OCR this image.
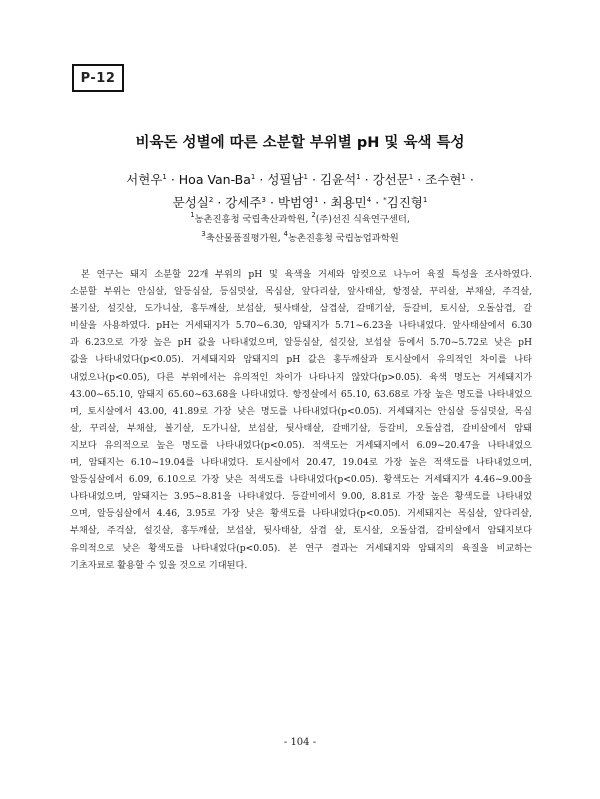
P-12
비육돈 성별에 따른 소분할 부위별 pH 및 육색 특성
서현우$^1$ · Hoa Van-$Ba^1$ · 성필남$^1$ · 김윤석$^1$ · 강선문$^1$ · 조수현$^1$ ·
문성실$^2$ · 강세주$^3$ · 박범영$^1$ · 최용민$^4$ · *김진형$^1$
$^1$농촌진흥청 국립축산과학원, $^2$(주)선진 식육연구센터,
$^3$축산물품질평가원, $^4$농촌진흥청 국립농업과학원
본 연구는 돼지 소분할 22개 부위의 pH 및 육색을 거세와 암컷으로 나누어 육질 특성을 조사하였다.
소분할 부위는 안심살, 알등심살, 등심덧살, 목심살, 앞다리살, 앞사태살, 항정살, 꾸리살, 부채살, 주걱살,
볼기살, 설깃살, 도가니살, 홍두깨살, 보섭살, 뒷사태살, 삼겹살, 갈매기살, 등갈비, 토시살, 오돌삼겹, 갈
비살을 사용하였다. pH는 거세돼지가 5.70~6.30, 암돼지가 5.71~6.23을 나타내었다. 앞사태살에서 6.30
과 6.23으로 가장 높은 pH 값을 나타내었으며, 알등심살, 설깃살, 보섭살 등에서 5.70~5.72로 낮은 pH
값을 나타내었다(p<0.05). 거세돼지와 암돼지의 pH 값은 홍두깨살과 토시살에서 유의적인 차이를 나타
내었으나(p<0.05), 다른 부위에서는 유의적인 차이가 나타나지 않았다(p>0.05). 육색 명도는 거세돼지가
43.00~65.10, 암돼지 65.60~63.68을 나타내었다. 항정살에서 65.10, 63.68로 가장 높은 명도를 나타내었으
며, 토시살에서 43.00, 41.89로 가장 낮은 명도를 나타내었다(p<0.05). 거세돼지는 안심살 등심덧살, 목심
살, 꾸리살, 부채살, 볼기살, 도가니살, 보섭살, 뒷사태살, 갈매기살, 등갈비, 오돌삼겹, 갈비살에서 암돼
지보다 유의적으로 높은 명도를 나타내었다(p<0.05). 적색도는 거세돼지에서 6.09~20.47을 나타내었으
며, 암돼지는 6.10~19.04를 나타내었다. 토시살에서 20.47, 19.04로 가장 높은 적색도를 나타내었으며,
알등심살에서 6.09, 6.10으로 가장 낮은 적색도를 나타내었다(p<0.05). 황색도는 거세돼지가 4.46~9.00을
나타내었으며, 암돼지는 3.95~8.81을 나타내었다. 등갈비에서 9.00, 8.81로 가장 높은 황색도를 나타내었
으며, 알등심살에서 4.46, 3.95로 가장 낮은 황색도를 나타내었다(p<0.05). 거세돼지는 목심살, 앞다리살,
부채살, 주걱살, 설깃살, 홍두깨살, 보섭살, 뒷사태살, 삼겹 살, 토시살, 오돌삼겹, 갈비살에서 암돼지보다
유의적으로 낮은 황색도를 나타내었다(p<0.05). 본 연구 결과는 거세돼지와 암돼지의 육질을 비교하는
기초자료로 활용할 수 있을 것으로 기대된다.
- 104 -
